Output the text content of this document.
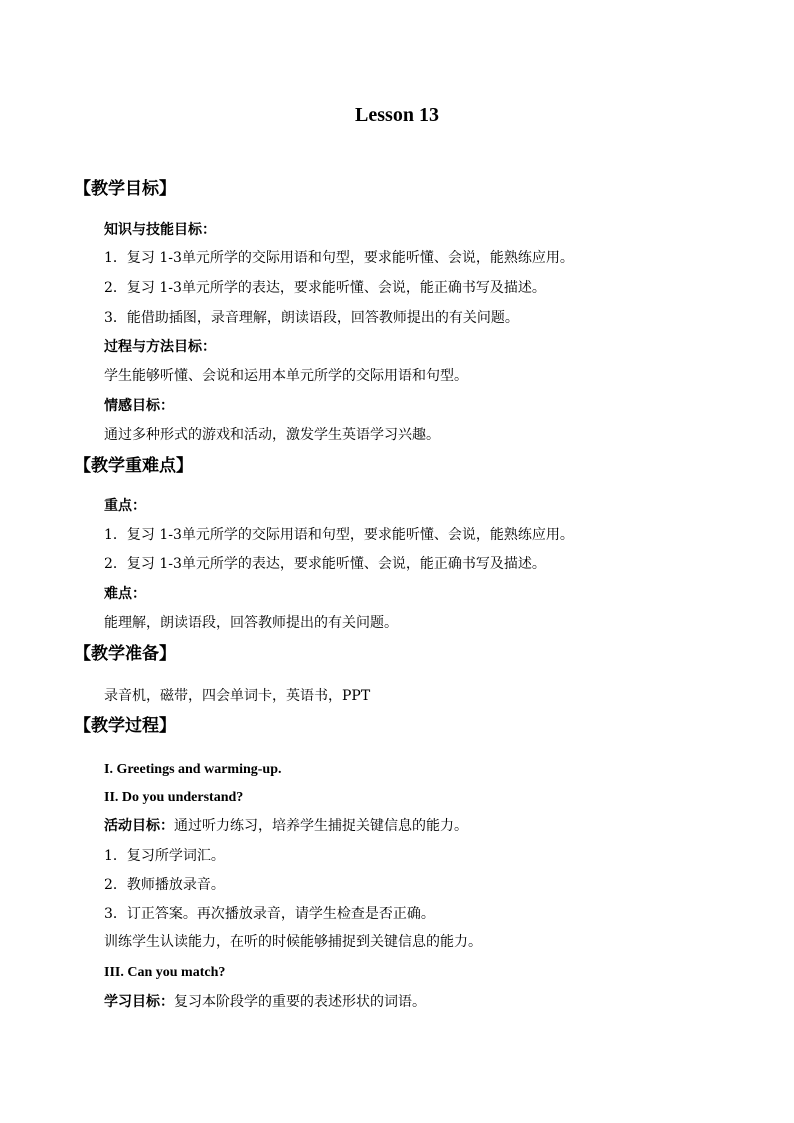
Lesson 13
【教学目标】
知识与技能目标：
1．复习 1-3单元所学的交际用语和句型，要求能听懂、会说，能熟练应用。
2．复习 1-3单元所学的表达，要求能听懂、会说，能正确书写及描述。
3．能借助插图，录音理解，朗读语段，回答教师提出的有关问题。
过程与方法目标：
学生能够听懂、会说和运用本单元所学的交际用语和句型。
情感目标：
通过多种形式的游戏和活动，激发学生英语学习兴趣。
【教学重难点】
重点：
1．复习 1-3单元所学的交际用语和句型，要求能听懂、会说，能熟练应用。
2．复习 1-3单元所学的表达，要求能听懂、会说，能正确书写及描述。
难点：
能理解，朗读语段，回答教师提出的有关问题。
【教学准备】
录音机，磁带，四会单词卡，英语书，PPT
【教学过程】
I. Greetings and warming-up.
II. Do you understand?
活动目标：通过听力练习，培养学生捕捉关键信息的能力。
1．复习所学词汇。
2．教师播放录音。
3．订正答案。再次播放录音，请学生检查是否正确。
训练学生认读能力，在听的时候能够捕捉到关键信息的能力。
III. Can you match?
学习目标：复习本阶段学的重要的表述形状的词语。
